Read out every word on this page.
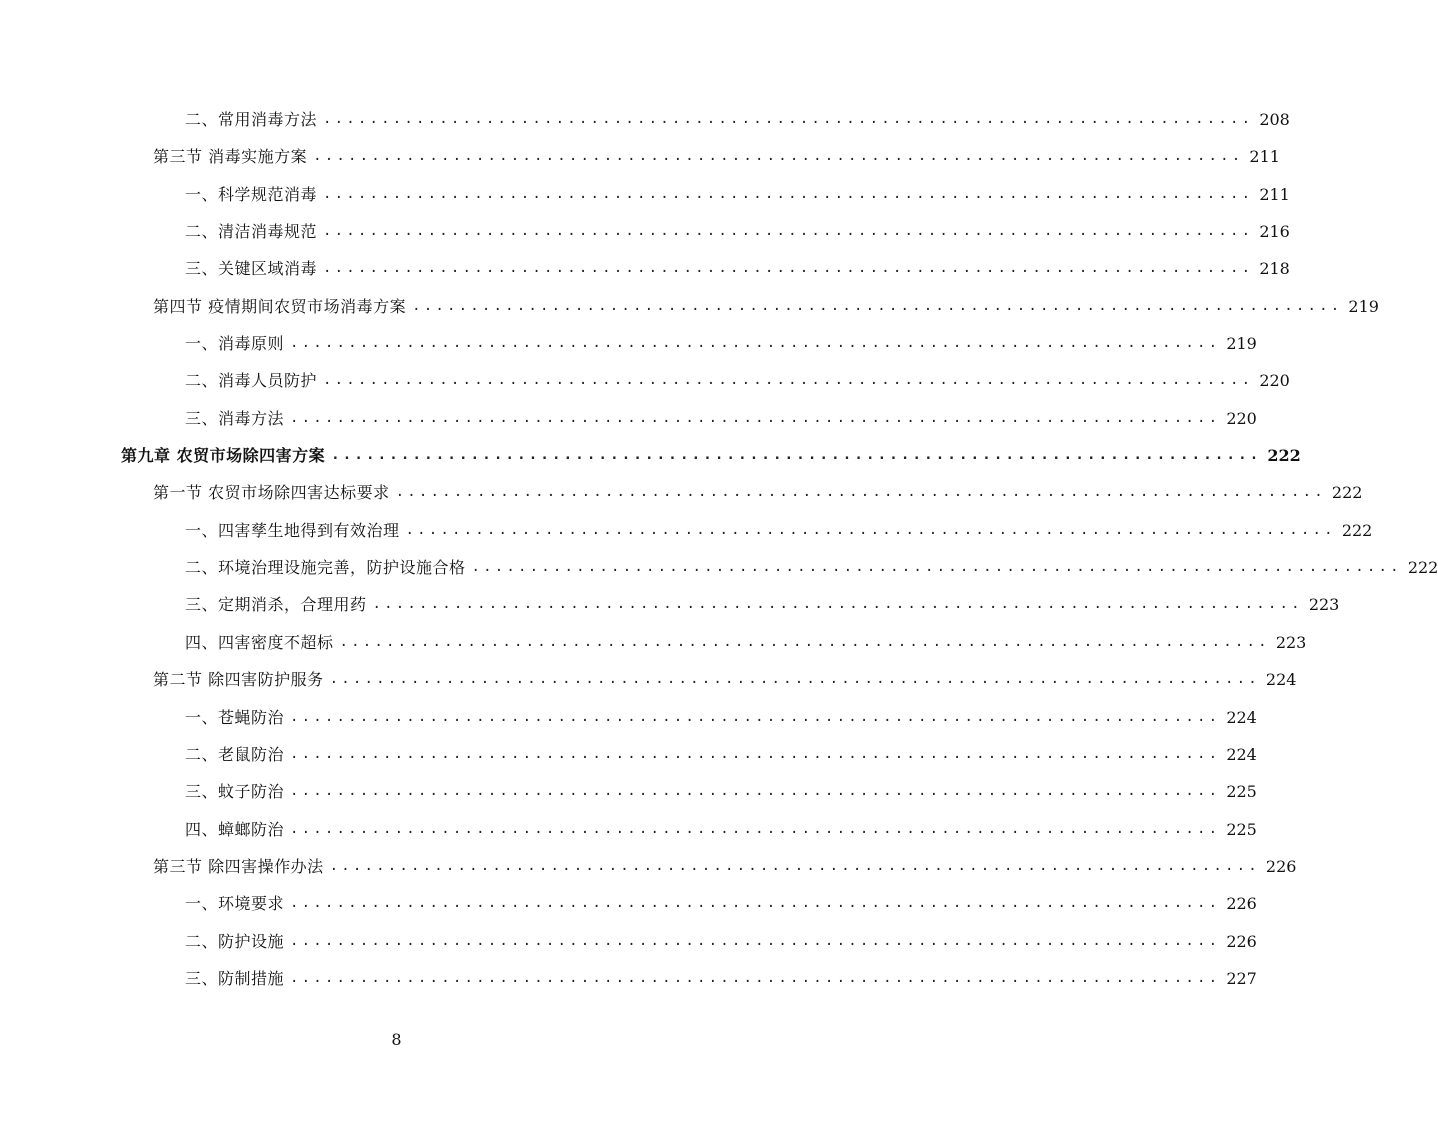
二、常用消毒方法 ................................................................................ 208
第三节 消毒实施方案 ................................................................................ 211
一、科学规范消毒 ................................................................................ 211
二、清洁消毒规范 ................................................................................ 216
三、关键区域消毒 ................................................................................ 218
第四节 疫情期间农贸市场消毒方案 ................................................................................ 219
一、消毒原则 ................................................................................ 219
二、消毒人员防护 ................................................................................ 220
三、消毒方法 ................................................................................ 220
第九章 农贸市场除四害方案 ................................................................................ 222
第一节 农贸市场除四害达标要求 ................................................................................ 222
一、四害孳生地得到有效治理 ................................................................................ 222
二、环境治理设施完善，防护设施合格 ................................................................................ 222
三、定期消杀，合理用药 ................................................................................ 223
四、四害密度不超标 ................................................................................ 223
第二节 除四害防护服务 ................................................................................ 224
一、苍蝇防治 ................................................................................ 224
二、老鼠防治 ................................................................................ 224
三、蚊子防治 ................................................................................ 225
四、蟑螂防治 ................................................................................ 225
第三节 除四害操作办法 ................................................................................ 226
一、环境要求 ................................................................................ 226
二、防护设施 ................................................................................ 226
三、防制措施 ................................................................................ 227
8
